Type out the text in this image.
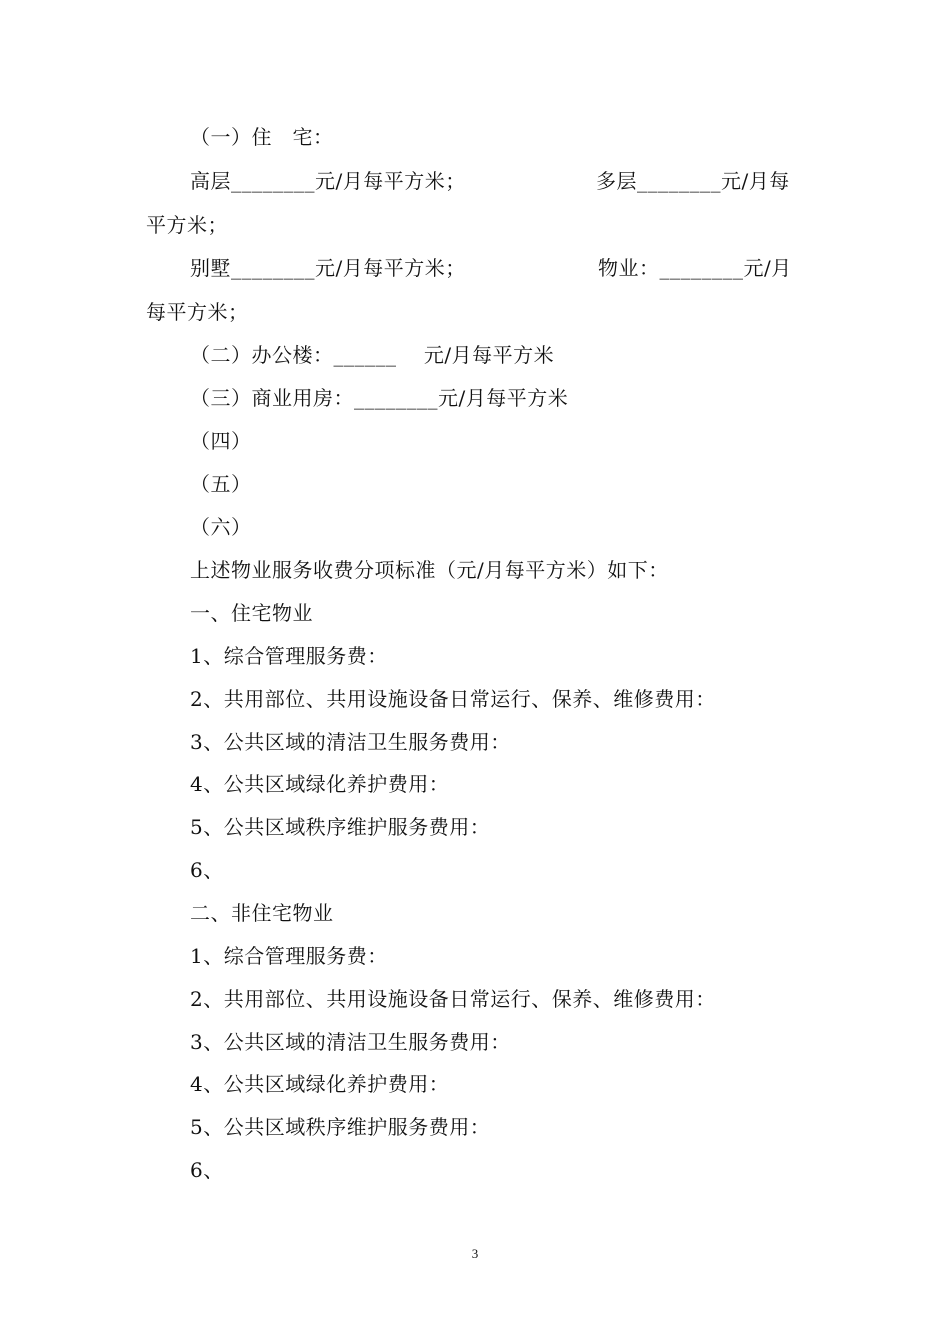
（一）住　宅：
高层________元/月每平方米；	多层________元/月每
平方米；
别墅________元/月每平方米；	物业：________元/月
每平方米；
（二）办公楼：______　 元/月每平方米
（三）商业用房：________元/月每平方米
（四）
（五）
（六）
上述物业服务收费分项标准（元/月每平方米）如下：
一、住宅物业
1、综合管理服务费：
2、共用部位、共用设施设备日常运行、保养、维修费用：
3、公共区域的清洁卫生服务费用：
4、公共区域绿化养护费用：
5、公共区域秩序维护服务费用：
6、
二、非住宅物业
1、综合管理服务费：
2、共用部位、共用设施设备日常运行、保养、维修费用：
3、公共区域的清洁卫生服务费用：
4、公共区域绿化养护费用：
5、公共区域秩序维护服务费用：
6、
3
